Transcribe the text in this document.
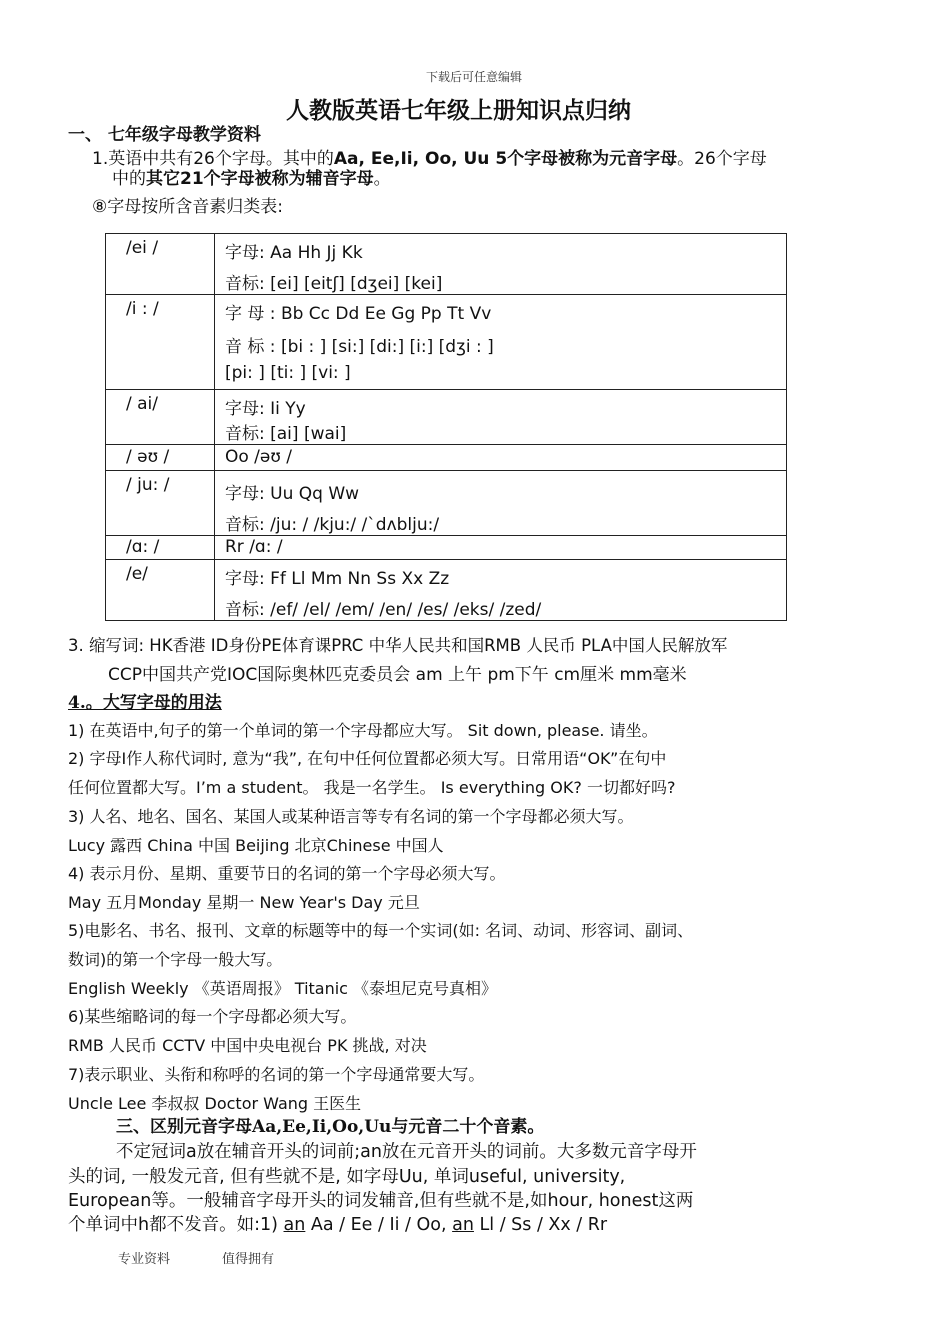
下载后可任意编辑
人教版英语七年级上册知识点归纳
一、 七年级字母教学资料
1.英语中共有26个字母。其中的Aa, Ee,Ii, Oo, Uu 5个字母被称为元音字母。26个字母
中的其它21个字母被称为辅音字母。
⑧字母按所含音素归类表:
/ei /	字母: Aa Hh Jj Kk
音标: [ei] [eitʃ] [dʒei] [kei]

/i : /	字 母 : Bb Cc Dd Ee Gg Pp Tt Vv
音 标 : [bi : ] [si:] [di:] [i:] [dʒi : ]
[pi: ] [ti: ] [vi: ]

/ ai/	字母: Ii Yy
音标: [ai] [wai]

/ əʊ /	Oo /əʊ /

/ ju: /	字母: Uu Qq Ww
音标: /ju: / /kju:/ /`dʌblju:/

/ɑ: /	Rr /ɑ: /

/e/	字母: Ff Ll Mm Nn Ss Xx Zz
音标: /ef/ /el/ /em/ /en/ /es/ /eks/ /zed/
3. 缩写词: HK香港 ID身份PE体育课PRC 中华人民共和国RMB 人民币 PLA中国人民解放军
CCP中国共产党IOC国际奥林匹克委员会 am 上午 pm下午 cm厘米 mm毫米
4.。大写字母的用法
1) 在英语中,句子的第一个单词的第一个字母都应大写。 Sit down, please. 请坐。
2) 字母I作人称代词时, 意为“我”, 在句中任何位置都必须大写。日常用语“OK”在句中
任何位置都大写。I’m a student。 我是一名学生。 Is everything OK? 一切都好吗?
3) 人名、地名、国名、某国人或某种语言等专有名词的第一个字母都必须大写。
Lucy 露西 China 中国 Beijing 北京Chinese 中国人
4) 表示月份、星期、重要节日的名词的第一个字母必须大写。
May 五月Monday 星期一 New Year's Day 元旦
5)电影名、书名、报刊、文章的标题等中的每一个实词(如: 名词、动词、形容词、副词、
数词)的第一个字母一般大写。
English Weekly 《英语周报》 Titanic 《泰坦尼克号真相》
6)某些缩略词的每一个字母都必须大写。
RMB 人民币 CCTV 中国中央电视台 PK 挑战, 对决
7)表示职业、头衔和称呼的名词的第一个字母通常要大写。
Uncle Lee 李叔叔 Doctor Wang 王医生
三、区别元音字母Aa,Ee,Ii,Oo,Uu与元音二十个音素。
不定冠词a放在辅音开头的词前;an放在元音开头的词前。大多数元音字母开
头的词, 一般发元音, 但有些就不是, 如字母Uu, 单词useful, university,
European等。一般辅音字母开头的词发辅音,但有些就不是,如hour, honest这两
个单词中h都不发音。如:1) an Aa / Ee / Ii / Oo, an Ll / Ss / Xx / Rr
专业资料	值得拥有
